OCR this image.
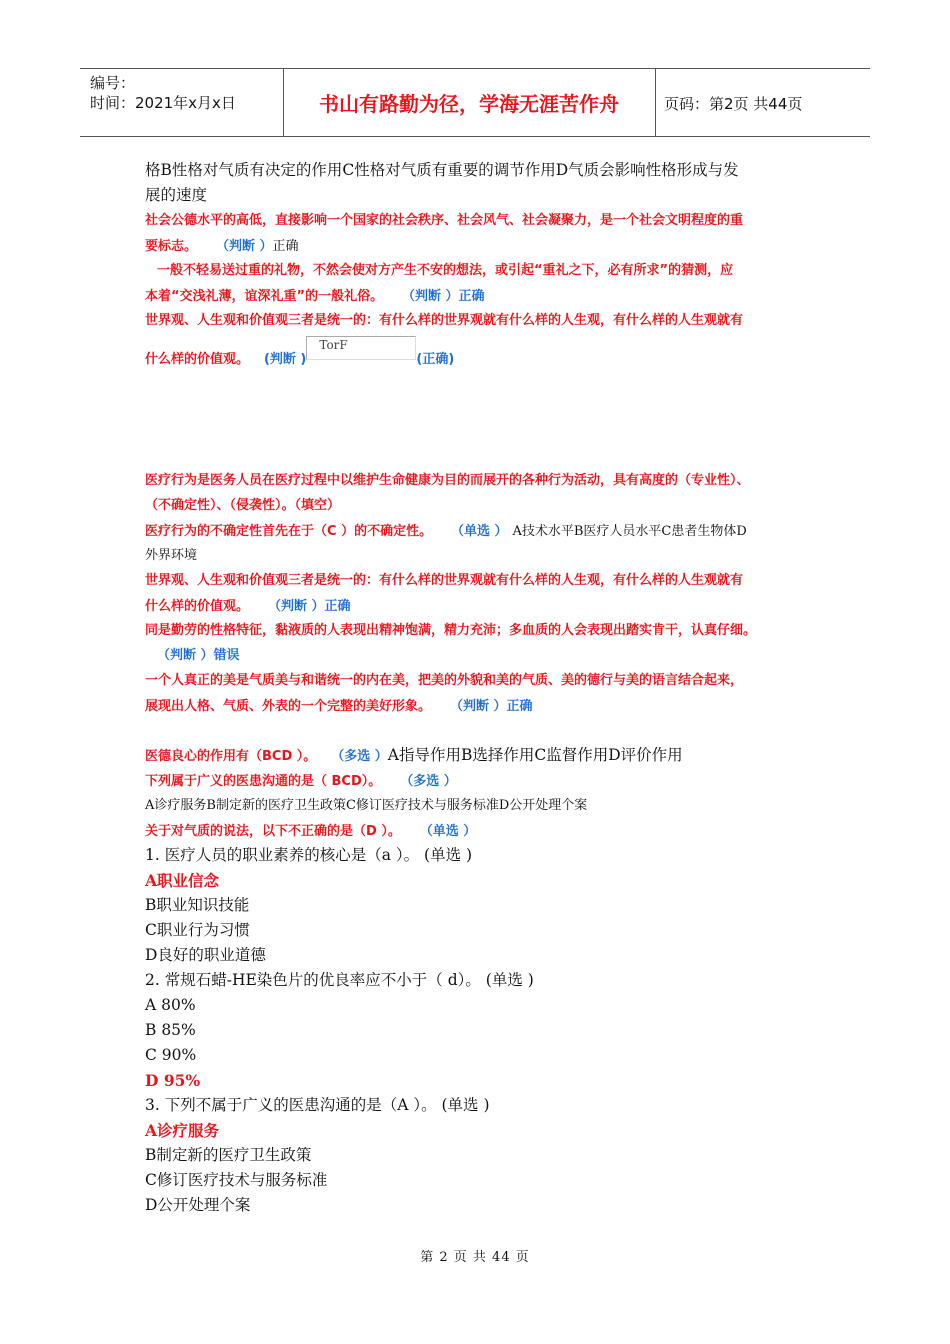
编号：
时间：2021年x月x日	书山有路勤为径，学海无涯苦作舟	页码：第2页 共44页
格B性格对气质有决定的作用C性格对气质有重要的调节作用D气质会影响性格形成与发
展的速度
社会公德水平的高低，直接影响一个国家的社会秩序、社会风气、社会凝聚力，是一个社会文明程度的重
要标志。 （判断 ）正确
一般不轻易送过重的礼物，不然会使对方产生不安的想法，或引起“重礼之下，必有所求”的猜测，应
本着“交浅礼薄，谊深礼重”的一般礼俗。 （判断 ）正确
世界观、人生观和价值观三者是统一的：有什么样的世界观就有什么样的人生观，有什么样的人生观就有
什么样的价值观。 (判断 )TorF(正确)
医疗行为是医务人员在医疗过程中以维护生命健康为目的而展开的各种行为活动，具有高度的（专业性）、
（不确定性）、（侵袭性）。（填空）
医疗行为的不确定性首先在于（C ）的不确定性。 （单选 ） A技术水平B医疗人员水平C患者生物体D
外界环境
世界观、人生观和价值观三者是统一的：有什么样的世界观就有什么样的人生观，有什么样的人生观就有
什么样的价值观。 （判断 ）正确
同是勤劳的性格特征，黏液质的人表现出精神饱满，精力充沛；多血质的人会表现出踏实肯干，认真仔细。
（判断 ）错误
一个人真正的美是气质美与和谐统一的内在美，把美的外貌和美的气质、美的德行与美的语言结合起来，
展现出人格、气质、外表的一个完整的美好形象。 （判断 ）正确
医德良心的作用有（BCD ）。 （多选 ）A指导作用B选择作用C监督作用D评价作用
下列属于广义的医患沟通的是（ BCD）。 （多选 ）
A诊疗服务B制定新的医疗卫生政策C修订医疗技术与服务标准D公开处理个案
关于对气质的说法，以下不正确的是（D ）。 （单选 ）
1. 医疗人员的职业素养的核心是（a ）。 (单选 )
A职业信念
B职业知识技能
C职业行为习惯
D良好的职业道德
2. 常规石蜡-HE染色片的优良率应不小于（ d）。 (单选 )
A 80%
B 85%
C 90%
D 95%
3. 下列不属于广义的医患沟通的是（A ）。 (单选 )
A诊疗服务
B制定新的医疗卫生政策
C修订医疗技术与服务标准
D公开处理个案
第 2 页 共 44 页
